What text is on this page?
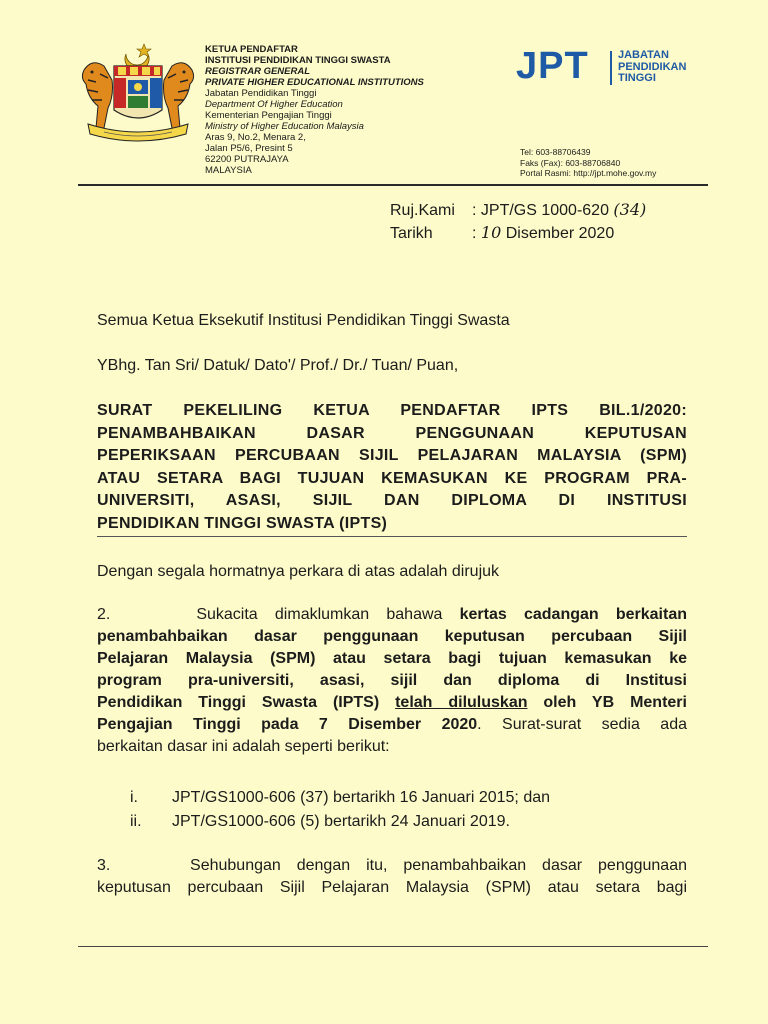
KETUA PENDAFTAR
INSTITUSI PENDIDIKAN TINGGI SWASTA
REGISTRAR GENERAL
PRIVATE HIGHER EDUCATIONAL INSTITUTIONS
Jabatan Pendidikan Tinggi
Department Of Higher Education
Kementerian Pengajian Tinggi
Ministry of Higher Education Malaysia
Aras 9, No.2, Menara 2,
Jalan P5/6, Presint 5
62200 PUTRAJAYA
MALAYSIA
JPT	JABATAN
PENDIDIKAN
TINGGI
Tel: 603-88706439
Faks (Fax): 603-88706840
Portal Rasmi: http://jpt.mohe.gov.my
Ruj.Kami : JPT/GS 1000-620 (34)
Tarikh : 10 Disember 2020
Semua Ketua Eksekutif Institusi Pendidikan Tinggi Swasta
YBhg. Tan Sri/ Datuk/ Dato'/ Prof./ Dr./ Tuan/ Puan,
SURAT PEKELILING KETUA PENDAFTAR IPTS BIL.1/2020:
PENAMBAHBAIKAN DASAR PENGGUNAAN KEPUTUSAN
PEPERIKSAAN PERCUBAAN SIJIL PELAJARAN MALAYSIA (SPM)
ATAU SETARA BAGI TUJUAN KEMASUKAN KE PROGRAM PRA-
UNIVERSITI, ASASI, SIJIL DAN DIPLOMA DI INSTITUSI
PENDIDIKAN TINGGI SWASTA (IPTS)
Dengan segala hormatnya perkara di atas adalah dirujuk
2.     Sukacita dimaklumkan bahawa kertas cadangan berkaitan
penambahbaikan dasar penggunaan keputusan percubaan Sijil
Pelajaran Malaysia (SPM) atau setara bagi tujuan kemasukan ke
program pra-universiti, asasi, sijil dan diploma di Institusi
Pendidikan Tinggi Swasta (IPTS) telah diluluskan oleh YB Menteri
Pengajian Tinggi pada 7 Disember 2020. Surat-surat sedia ada
berkaitan dasar ini adalah seperti berikut:
i. JPT/GS1000-606 (37) bertarikh 16 Januari 2015; dan
ii. JPT/GS1000-606 (5) bertarikh 24 Januari 2019.
3.     Sehubungan dengan itu, penambahbaikan dasar penggunaan
keputusan percubaan Sijil Pelajaran Malaysia (SPM) atau setara bagi
